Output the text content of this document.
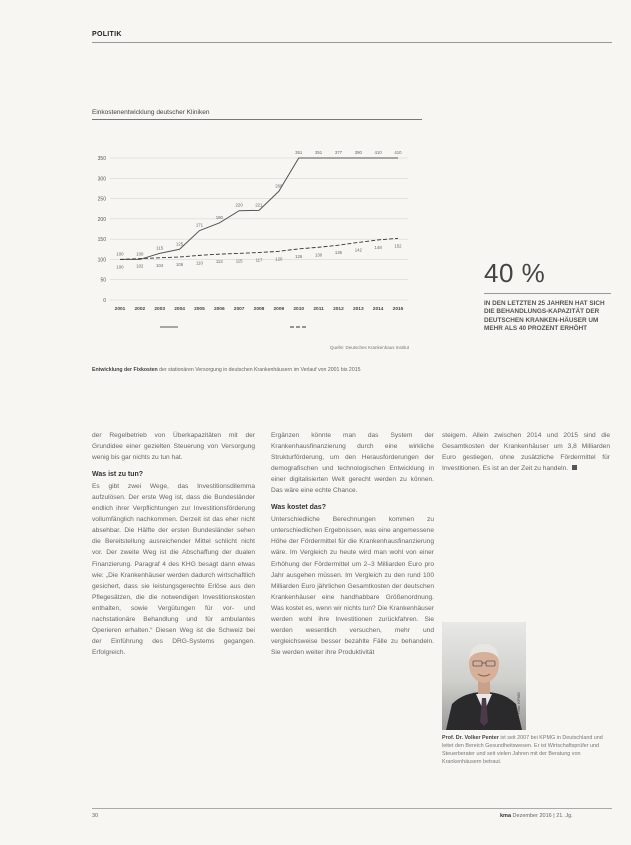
POLITIK
Einkostenentwicklung deutscher Kliniken
0
50
100
150
200
250
300
350
2001 2002 2003 2004 2005 2006 2007 2008 2009 2010 2011 2012 2013 2014 2015
100	100
115
125
171
190
220	221
268
351	351	377	390	410	410
100	102	104	106	110	113	115	117	120	126	130	135
142	148	152
Quelle: Deutsches Krankenhaus Institut
Entwicklung der Fixkosten der stationären Versorgung in deutschen Krankenhäusern im Verlauf von 2001 bis 2015
40 %
IN DEN LETZTEN 25 JAHREN HAT SICH DIE BEHANDLUNGS-KAPAZITÄT DER DEUTSCHEN KRANKEN-HÄUSER UM MEHR ALS 40 PROZENT ERHÖHT

der Regelbetrieb von Überkapazitäten mit der Grundidee einer gezielten Steuerung von Versorgung wenig bis gar nichts zu tun hat.

Was ist zu tun?

Es gibt zwei Wege, das Investitionsdilemma aufzulösen. Der erste Weg ist, dass die Bundesländer endlich ihrer Verpflichtungen zur Investitionsförderung vollumfänglich nachkommen. Derzeit ist das eher nicht absehbar. Die Hälfte der ersten Bundesländer sehen die Bereitstellung ausreichender Mittel schlicht nicht vor. Der zweite Weg ist die Abschaffung der dualen Finanzierung. Paragraf 4 des KHG besagt dann etwas wie: „Die Krankenhäuser werden dadurch wirtschaftlich gesichert, dass sie leistungsgerechte Erlöse aus den Pflegesätzen, die die notwendigen Investitionskosten enthalten, sowie Vergütungen für vor- und nachstationäre Behandlung und für ambulantes Operieren erhalten.“ Diesen Weg ist die Schweiz bei der Einführung des DRG-Systems gegangen. Erfolgreich.

Ergänzen könnte man das System der Krankenhausfinanzierung durch eine wirkliche Strukturförderung, um den Herausforderungen der demografischen und technologischen Entwicklung in einer digitalisierten Welt gerecht werden zu können. Das wäre eine echte Chance.

Was kostet das?

Unterschiedliche Berechnungen kommen zu unterschiedlichen Ergebnissen, was eine angemessene Höhe der Fördermittel für die Krankenhausfinanzierung wäre. Im Vergleich zu heute wird man wohl von einer Erhöhung der Fördermittel um 2–3 Milliarden Euro pro Jahr ausgehen müssen. Im Vergleich zu den rund 100 Milliarden Euro jährlichen Gesamtkosten der deutschen Krankenhäuser eine handhabbare Größenordnung. Was kostet es, wenn wir nichts tun? Die Krankenhäuser werden wohl ihre Investitionen zurückfahren. Sie werden wesentlich versuchen, mehr und vergleichsweise besser bezahlte Fälle zu behandeln. Sie werden weiter ihre Produktivität

steigern. Allein zwischen 2014 und 2015 sind die Gesamtkosten der Krankenhäuser um 3,8 Milliarden Euro gestiegen, ohne zusätzliche Fördermittel für Investitionen. Es ist an der Zeit zu handeln.

Foto: KPMG
Prof. Dr. Volker Penter ist seit 2007 bei KPMG in Deutschland und leitet den Bereich Gesundheitswesen. Er ist Wirtschaftsprüfer und Steuerberater und seit vielen Jahren mit der Beratung von Krankenhäusern betraut.
30	kma Dezember 2016 | 21. Jg.
